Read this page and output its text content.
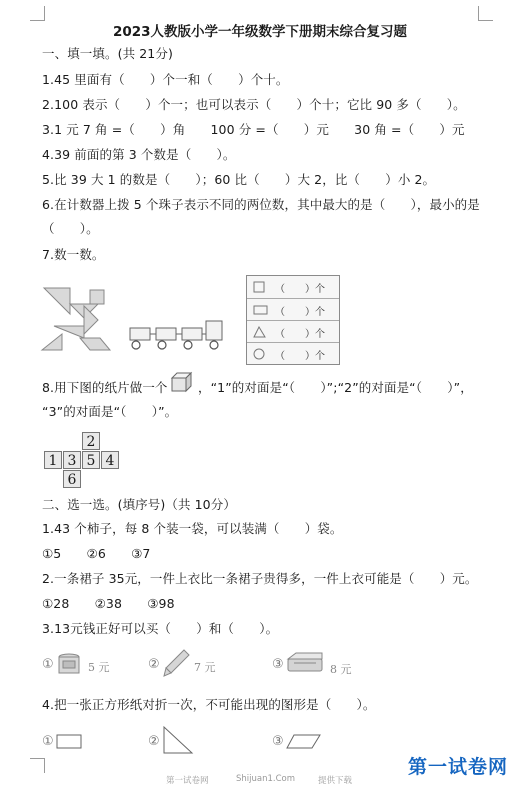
2023人教版小学一年级数学下册期末综合复习题
一、填一填。(共 21分)
1.45 里面有（　　）个一和（　　）个十。
2.100 表示（　　）个一；也可以表示（　　）个十；它比 90 多（　　）。
3.1 元 7 角 =（　　）角　　100 分 =（　　）元　　30 角 =（　　）元
4.39 前面的第 3 个数是（　　）。
5.比 39 大 1 的数是（　　）；60 比（　　）大 2，比（　　）小 2。
6.在计数器上拨 5 个珠子表示不同的两位数，其中最大的是（　　），最小的是
（　　）。
7.数一数。
（　　）个
（　　）个
（　　）个
（　　）个
8.用下图的纸片做一个 ，“1”的对面是“（　　）”;“2”的对面是“（　　）”，
“3”的对面是“（　　）”。
2
1 3 5 4
6
二、选一选。(填序号)（共 10分）
1.43 个柿子，每 8 个装一袋，可以装满（　　）袋。
①5　　②6　　③7
2.一条裙子 35元，一件上衣比一条裙子贵得多，一件上衣可能是（　　）元。
①28　　②38　　③98
3.13元钱正好可以买（　　）和（　　）。
①	5 元	②	7 元	③	8 元
4.把一张正方形纸对折一次，不可能出现的图形是（　　）。
①	②	③
第一试卷网	Shijuan1.Com	提供下载
第一试卷网
